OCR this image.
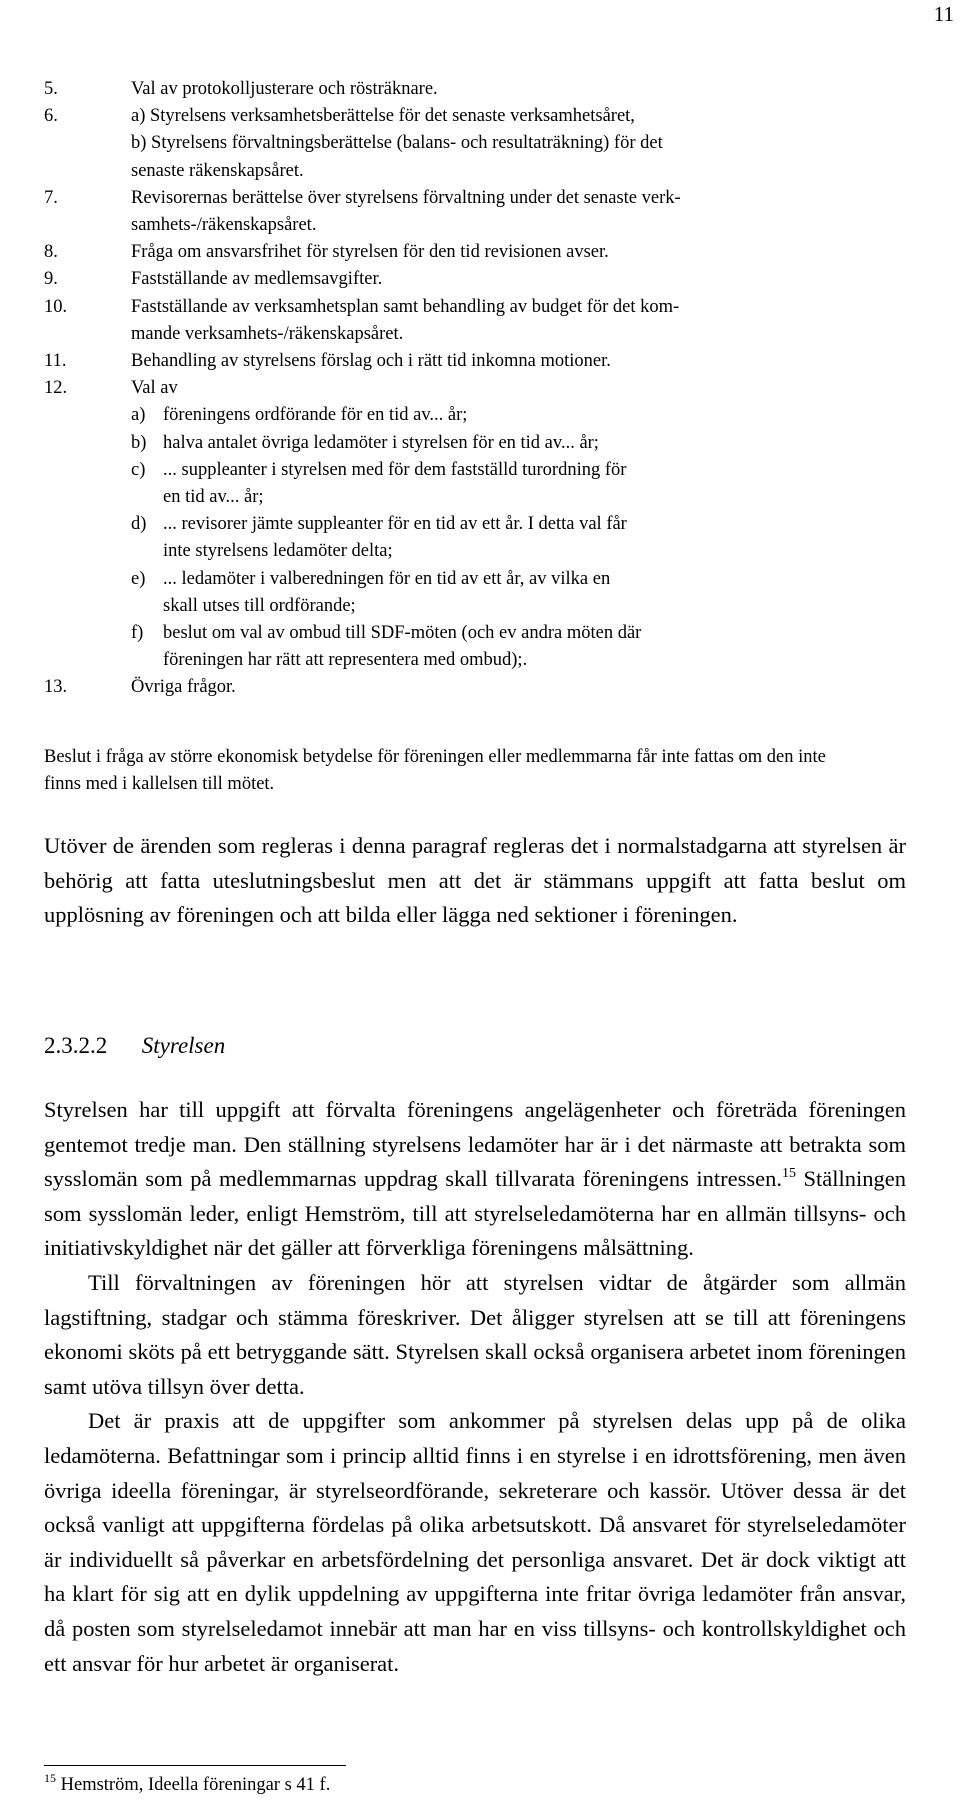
11
5.	Val av protokolljusterare och rösträknare.
6.	a) Styrelsens verksamhetsberättelse för det senaste verksamhetsåret,
b) Styrelsens förvaltningsberättelse (balans- och resultaträkning) för det
senaste räkenskapsåret.
7.	Revisorernas berättelse över styrelsens förvaltning under det senaste verk-
samhets-/räkenskapsåret.
8.	Fråga om ansvarsfrihet för styrelsen för den tid revisionen avser.
9.	Fastställande av medlemsavgifter.
10.	Fastställande av verksamhetsplan samt behandling av budget för det kom-
mande verksamhets-/räkenskapsåret.
11.	Behandling av styrelsens förslag och i rätt tid inkomna motioner.
12.	Val av
a) föreningens ordförande för en tid av... år;
b) halva antalet övriga ledamöter i styrelsen för en tid av... år;
c) ... suppleanter i styrelsen med för dem fastställd turordning för
en tid av... år;
d) ... revisorer jämte suppleanter för en tid av ett år. I detta val får
inte styrelsens ledamöter delta;
e) ... ledamöter i valberedningen för en tid av ett år, av vilka en
skall utses till ordförande;
f)	beslut om val av ombud till SDF-möten (och ev andra möten där
föreningen har rätt att representera med ombud);.
13.	Övriga frågor.
Beslut i fråga av större ekonomisk betydelse för föreningen eller medlemmarna får inte fattas om den inte finns med i kallelsen till mötet.
Utöver de ärenden som regleras i denna paragraf regleras det i normalstadgarna att styrelsen är behörig att fatta uteslutningsbeslut men att det är stämmans uppgift att fatta beslut om upplösning av föreningen och att bilda eller lägga ned sektioner i föreningen.
2.3.2.2 Styrelsen

Styrelsen har till uppgift att förvalta föreningens angelägenheter och företräda föreningen gentemot tredje man. Den ställning styrelsens ledamöter har är i det närmaste att betrakta som sysslomän som på medlemmarnas uppdrag skall tillvarata föreningens intressen.$^{15}$ Ställningen som sysslomän leder, enligt Hemström, till att styrelseledamöterna har en allmän tillsyns- och initiativskyldighet när det gäller att förverkliga föreningens målsättning.

Till förvaltningen av föreningen hör att styrelsen vidtar de åtgärder som allmän lagstiftning, stadgar och stämma föreskriver. Det åligger styrelsen att se till att föreningens ekonomi sköts på ett betryggande sätt. Styrelsen skall också organisera arbetet inom föreningen samt utöva tillsyn över detta.

Det är praxis att de uppgifter som ankommer på styrelsen delas upp på de olika ledamöterna. Befattningar som i princip alltid finns i en styrelse i en idrottsförening, men även övriga ideella föreningar, är styrelseordförande, sekreterare och kassör. Utöver dessa är det också vanligt att uppgifterna fördelas på olika arbetsutskott. Då ansvaret för styrelseledamöter är individuellt så påverkar en arbetsfördelning det personliga ansvaret. Det är dock viktigt att ha klart för sig att en dylik uppdelning av uppgifterna inte fritar övriga ledamöter från ansvar, då posten som styrelseledamot innebär att man har en viss tillsyns- och kontrollskyldighet och ett ansvar för hur arbetet är organiserat.

$^{15}$ Hemström, Ideella föreningar s 41 f.
